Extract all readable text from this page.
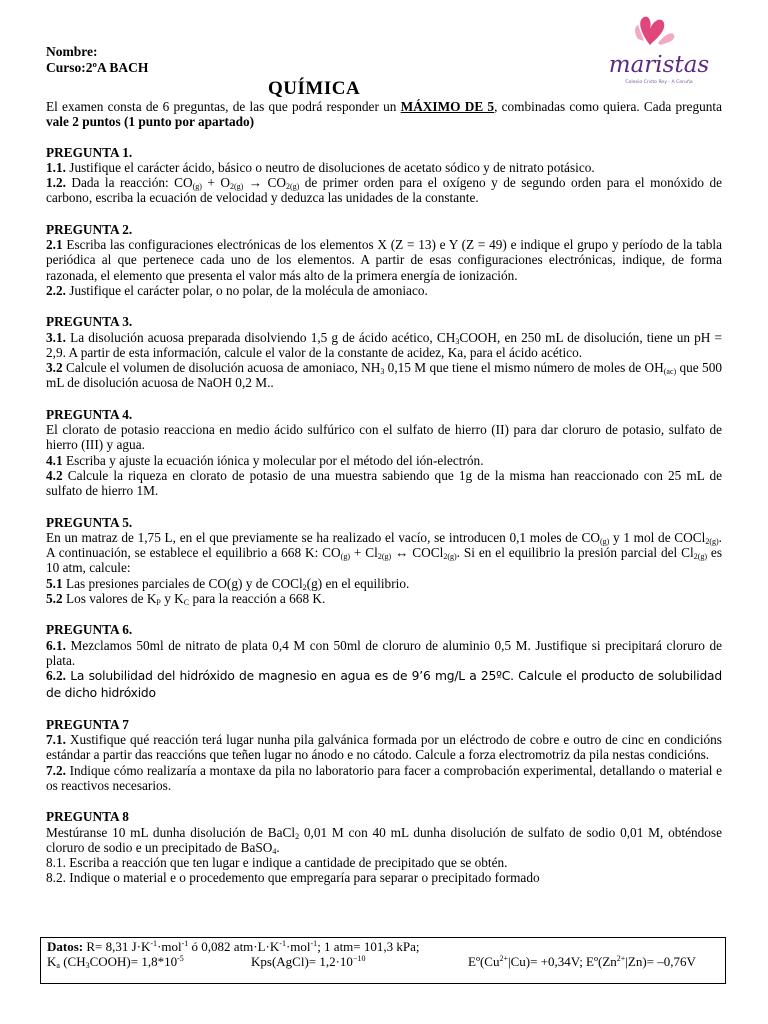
Nombre:
Curso:2ºA BACH	maristas
Colexio Cristo Rey - A Coruña
QUÍMICA

El examen consta de 6 preguntas, de las que podrá responder un MÁXIMO DE 5, combinadas como quiera. Cada pregunta vale 2 puntos (1 punto por apartado)

PREGUNTA 1.

1.1. Justifique el carácter ácido, básico o neutro de disoluciones de acetato sódico y de nitrato potásico.

1.2. Dada la reacción: $CO_{(g)} + O_{2(g)} \to CO_{2(g)}$ de primer orden para el oxígeno y de segundo orden para el monóxido de carbono, escriba la ecuación de velocidad y deduzca las unidades de la constante.

PREGUNTA 2.

2.1 Escriba las configuraciones electrónicas de los elementos X (Z = 13) e Y (Z = 49) e indique el grupo y período de la tabla periódica al que pertenece cada uno de los elementos. A partir de esas configuraciones electrónicas, indique, de forma razonada, el elemento que presenta el valor más alto de la primera energía de ionización.

2.2. Justifique el carácter polar, o no polar, de la molécula de amoniaco.

PREGUNTA 3.

3.1. La disolución acuosa preparada disolviendo 1,5 g de ácido acético, $CH_3COOH$, en 250 mL de disolución, tiene un pH = 2,9. A partir de esta información, calcule el valor de la constante de acidez, Ka, para el ácido acético.

3.2 Calcule el volumen de disolución acuosa de amoniaco, $NH_3$ 0,15 M que tiene el mismo número de moles de $OH_{(ac)}$ que 500 mL de disolución acuosa de NaOH 0,2 M..

PREGUNTA 4.

El clorato de potasio reacciona en medio ácido sulfúrico con el sulfato de hierro (II) para dar cloruro de potasio, sulfato de hierro (III) y agua.

4.1 Escriba y ajuste la ecuación iónica y molecular por el método del ión-electrón.

4.2 Calcule la riqueza en clorato de potasio de una muestra sabiendo que 1g de la misma han reaccionado con 25 mL de sulfato de hierro 1M.

PREGUNTA 5.

En un matraz de 1,75 L, en el que previamente se ha realizado el vacío, se introducen 0,1 moles de $CO_{(g)}$ y 1 mol de COCl$_{2(g)}$. A continuación, se establece el equilibrio a 668 K: $CO_{(g)} + Cl_{2(g)}$ ↔ COCl$_{2(g)}$. Si en el equilibrio la presión parcial del $Cl_{2(g)}$ es 10 atm, calcule:

5.1 Las presiones parciales de CO(g) y de COCl$_2$(g) en el equilibrio.

5.2 Los valores de $K_P$ y $K_C$ para la reacción a 668 K.

PREGUNTA 6.

6.1. Mezclamos 50ml de nitrato de plata 0,4 M con 50ml de cloruro de aluminio 0,5 M. Justifique si precipitará cloruro de plata.

6.2. La solubilidad del hidróxido de magnesio en agua es de 9’6 mg/L a 25ºC. Calcule el producto de solubilidad de dicho hidróxido

PREGUNTA 7

7.1. Xustifique qué reacción terá lugar nunha pila galvánica formada por un eléctrodo de cobre e outro de cinc en condicións estándar a partir das reaccións que teñen lugar no ánodo e no cátodo. Calcule a forza electromotriz da pila nestas condicións.

7.2. Indique cómo realizaría a montaxe da pila no laboratorio para facer a comprobación experimental, detallando o material e os reactivos necesarios.

PREGUNTA 8

Mestúranse 10 mL dunha disolución de BaCl$_2$ 0,01 M con 40 mL dunha disolución de sulfato de sodio 0,01 M, obténdose cloruro de sodio e un precipitado de BaSO$_4$.

8.1. Escriba a reacción que ten lugar e indique a cantidade de precipitado que se obtén.

8.2. Indique o material e o procedemento que empregaría para separar o precipitado formado

Datos: R= 8,31 $J\cdot K^{-1}\cdot mol^{-1}$ ó 0,082 $atm\cdot L\cdot K^{-1}\cdot mol^{-1}$; 1 atm= 101,3 kPa;
$K_a$ $(CH_3COOH)= 1,8*10^{-5}$	Kps(AgCl)= $1,2\cdot 10^{-10}$	$Eº(Cu^{2+}|Cu)= +0,34V$; $Eº(Zn^{2+}|Zn)= -0,76V$
